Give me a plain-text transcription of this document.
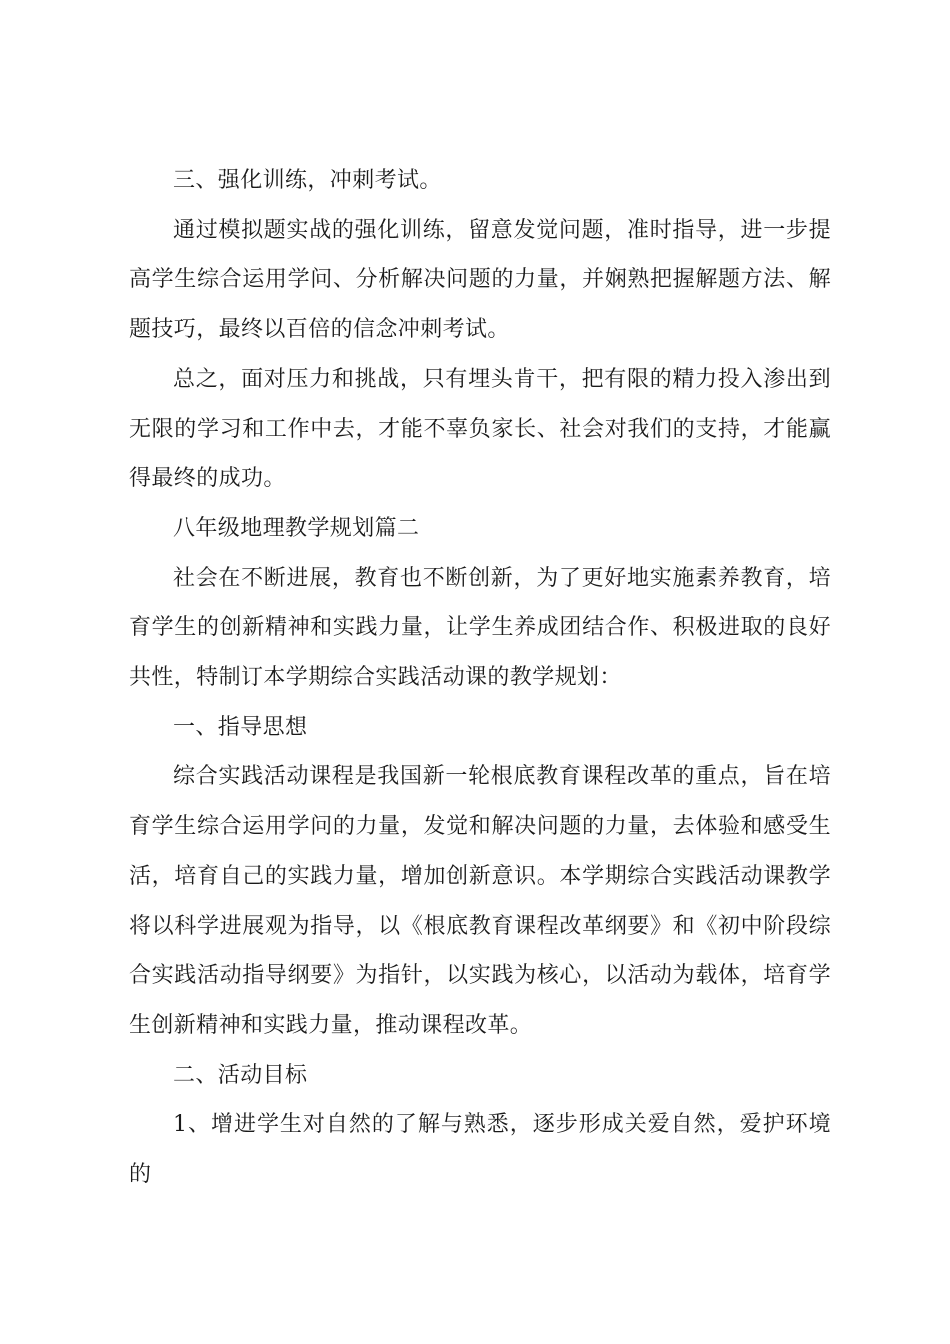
三、强化训练，冲刺考试。

通过模拟题实战的强化训练，留意发觉问题，准时指导，进一步提高学生综合运用学问、分析解决问题的力量，并娴熟把握解题方法、解题技巧，最终以百倍的信念冲刺考试。

总之，面对压力和挑战，只有埋头肯干，把有限的精力投入渗出到无限的学习和工作中去，才能不辜负家长、社会对我们的支持，才能赢得最终的成功。

八年级地理教学规划篇二

社会在不断进展，教育也不断创新，为了更好地实施素养教育，培育学生的创新精神和实践力量，让学生养成团结合作、积极进取的良好共性，特制订本学期综合实践活动课的教学规划：

一、指导思想

综合实践活动课程是我国新一轮根底教育课程改革的重点，旨在培育学生综合运用学问的力量，发觉和解决问题的力量，去体验和感受生活，培育自己的实践力量，增加创新意识。本学期综合实践活动课教学将以科学进展观为指导，以《根底教育课程改革纲要》和《初中阶段综合实践活动指导纲要》为指针，以实践为核心，以活动为载体，培育学生创新精神和实践力量，推动课程改革。

二、活动目标

1、增进学生对自然的了解与熟悉，逐步形成关爱自然，爱护环境的
